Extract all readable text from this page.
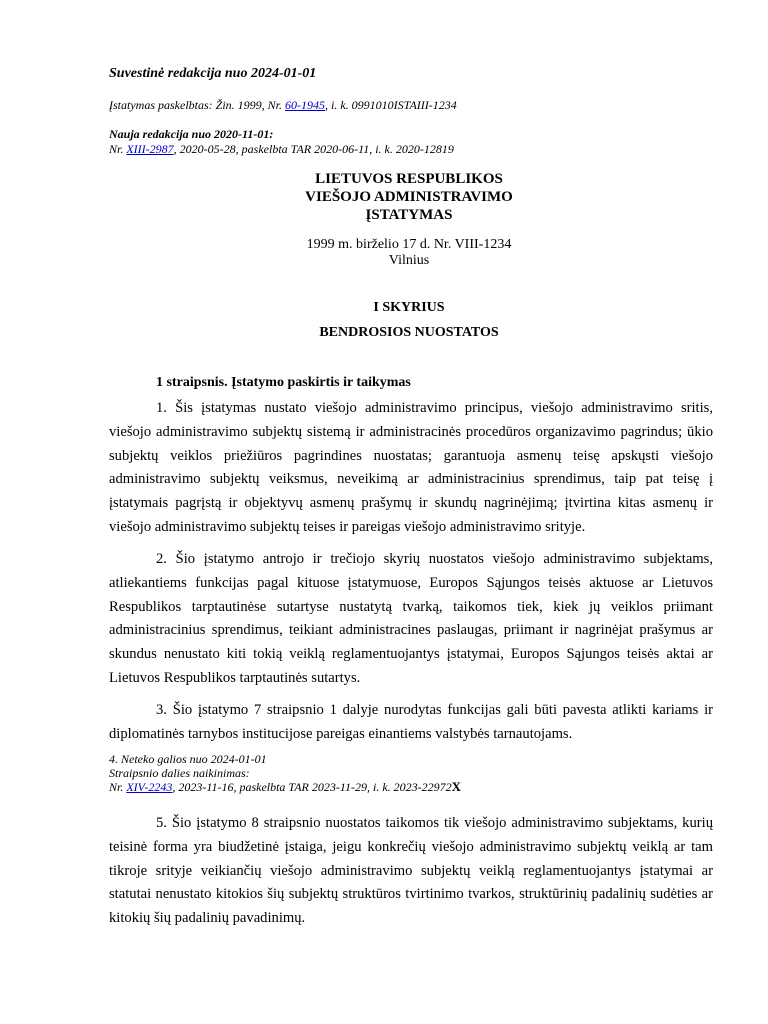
Suvestinė redakcija nuo 2024-01-01
Įstatymas paskelbtas: Žin. 1999, Nr. 60-1945, i. k. 0991010ISTAIII-1234
Nauja redakcija nuo 2020-11-01:
Nr. XIII-2987, 2020-05-28, paskelbta TAR 2020-06-11, i. k. 2020-12819
LIETUVOS RESPUBLIKOS
VIEŠOJO ADMINISTRAVIMO
ĮSTATYMAS
1999 m. birželio 17 d. Nr. VIII-1234
Vilnius
I SKYRIUS
BENDROSIOS NUOSTATOS
1 straipsnis. Įstatymo paskirtis ir taikymas

1. Šis įstatymas nustato viešojo administravimo principus, viešojo administravimo sritis, viešojo administravimo subjektų sistemą ir administracinės procedūros organizavimo pagrindus; ūkio subjektų veiklos priežiūros pagrindines nuostatas; garantuoja asmenų teisę apskųsti viešojo administravimo subjektų veiksmus, neveikimą ar administracinius sprendimus, taip pat teisę į įstatymais pagrįstą ir objektyvų asmenų prašymų ir skundų nagrinėjimą; įtvirtina kitas asmenų ir viešojo administravimo subjektų teises ir pareigas viešojo administravimo srityje.

2. Šio įstatymo antrojo ir trečiojo skyrių nuostatos viešojo administravimo subjektams, atliekantiems funkcijas pagal kituose įstatymuose, Europos Sąjungos teisės aktuose ar Lietuvos Respublikos tarptautinėse sutartyse nustatytą tvarką, taikomos tiek, kiek jų veiklos priimant administracinius sprendimus, teikiant administracines paslaugas, priimant ir nagrinėjat prašymus ar skundus nenustato kiti tokią veiklą reglamentuojantys įstatymai, Europos Sąjungos teisės aktai ar Lietuvos Respublikos tarptautinės sutartys.

3. Šio įstatymo 7 straipsnio 1 dalyje nurodytas funkcijas gali būti pavesta atlikti kariams ir diplomatinės tarnybos institucijose pareigas einantiems valstybės tarnautojams.

4. Neteko galios nuo 2024-01-01
Straipsnio dalies naikinimas:
Nr. XIV-2243, 2023-11-16, paskelbta TAR 2023-11-29, i. k. 2023-22972X

5. Šio įstatymo 8 straipsnio nuostatos taikomos tik viešojo administravimo subjektams, kurių teisinė forma yra biudžetinė įstaiga, jeigu konkrečių viešojo administravimo subjektų veiklą ar tam tikroje srityje veikiančių viešojo administravimo subjektų veiklą reglamentuojantys įstatymai ar statutai nenustato kitokios šių subjektų struktūros tvirtinimo tvarkos, struktūrinių padalinių sudėties ar kitokių šių padalinių pavadinimų.
